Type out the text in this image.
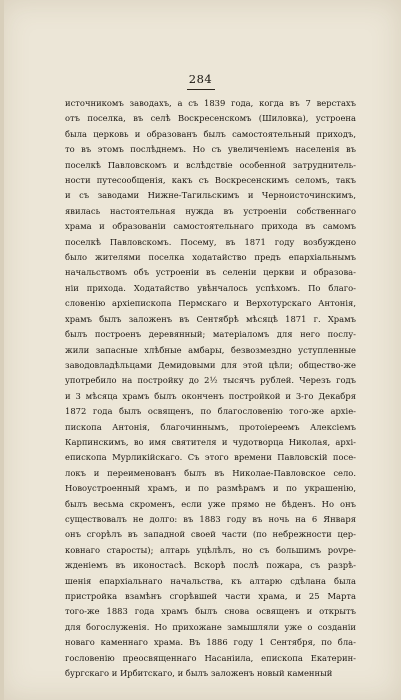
284
источникомъ заводахъ, а съ 1839 года, когда въ 7 верстахъ
отъ поселка, въ селѣ Воскресенскомъ (Шиловка), устроена
была церковь и образованъ былъ самостоятельный приходъ,
то въ этомъ послѣднемъ. Но съ увеличеніемъ населенія въ
поселкѣ Павловскомъ и вслѣдствіе особенной затруднитель-
ности путесообщенія, какъ съ Воскресенскимъ селомъ, такъ
и съ заводами Нижне-Тагильскимъ и Черноисточинскимъ,
явилась настоятельная нужда въ устроеніи собственнаго
храма и образованіи самостоятельнаго прихода въ самомъ
поселкѣ Павловскомъ. Посему, въ 1871 году возбуждено
было жителями поселка ходатайство предъ епархіальнымъ
начальствомъ объ устроеніи въ селеніи церкви и образова-
ніи прихода. Ходатайство увѣнчалось успѣхомъ. По благо-
словенію архіепископа Пермскаго и Верхотурскаго Антонія,
храмъ былъ заложенъ въ Сентябрѣ мѣсяцѣ 1871 г. Храмъ
былъ построенъ деревянный; матеріаломъ для него послу-
жили запасные хлѣбные амбары, безвозмездно уступленные
заводовладѣльцами Демидовыми для этой цѣли; общество-же
употребило на постройку до 2½ тысячъ рублей. Черезъ годъ
и 3 мѣсяца храмъ былъ оконченъ постройкой и 3-го Декабря
1872 года былъ освященъ, по благословенію того-же архіе-
пископа Антонія, благочиннымъ, протоіереемъ Алексіемъ
Карпинскимъ, во имя святителя и чудотворца Николая, архі-
епископа Мурликійскаго. Съ этого времени Павловскій посе-
локъ и переименованъ былъ въ Николае-Павловское село.
Новоустроенный храмъ, и по размѣрамъ и по украшенію,
былъ весьма скроменъ, если уже прямо не бѣденъ. Но онъ
существовалъ не долго: въ 1883 году въ ночь на 6 Января
онъ сгорѣлъ въ западной своей части (по небрежности цер-
ковнаго старосты); алтарь уцѣлѣлъ, но съ большимъ povре-
жденіемъ въ иконостасѣ. Вскорѣ послѣ пожара, съ разрѣ-
шенія епархіальнаго начальства, къ алтарю сдѣлана была
пристройка взамѣнъ сгорѣвшей части храма, и 25 Марта
того-же 1883 года храмъ былъ снова освященъ и открытъ
для богослуженія. Но прихожане замышляли уже о созданіи
новаго каменнаго храма. Въ 1886 году 1 Сентября, по бла-
гословенію преосвященнаго Насаніила, епископа Екатерин-
бургскаго и Ирбитскаго, и былъ заложенъ новый каменный
